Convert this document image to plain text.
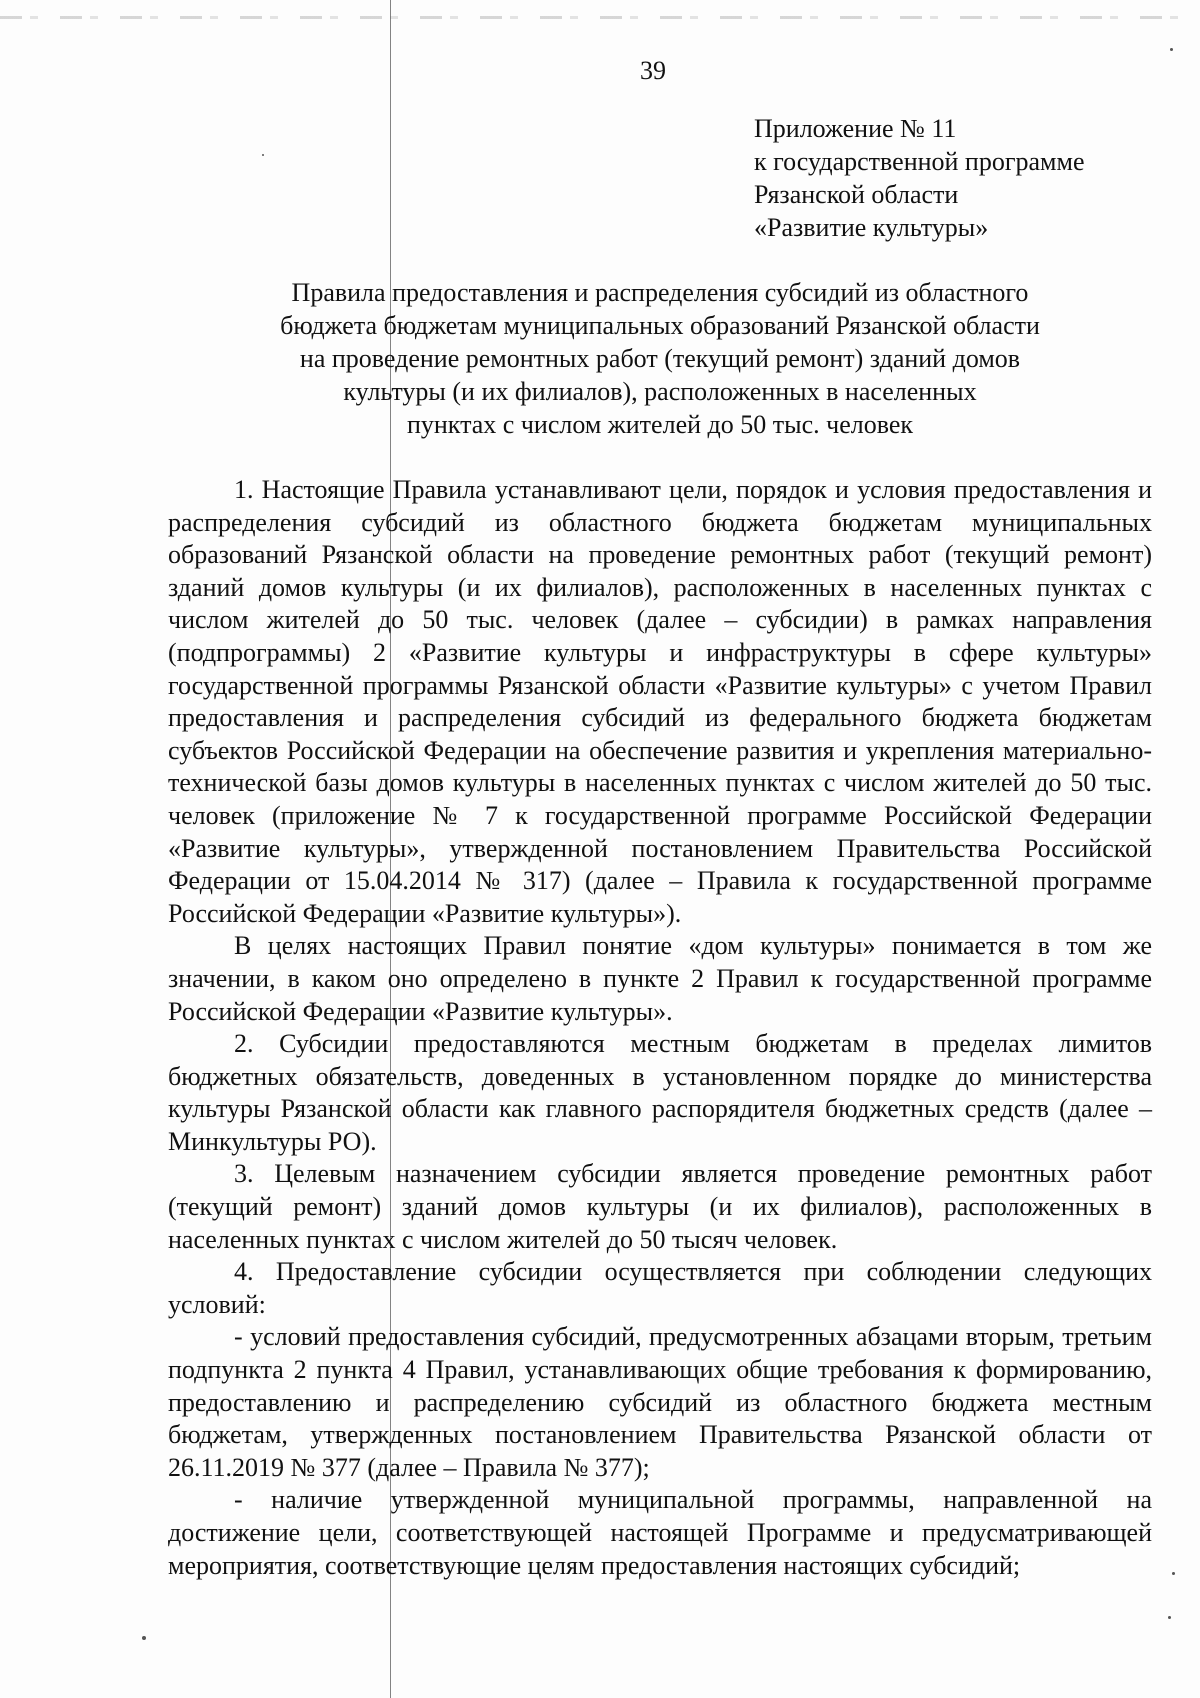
39
Приложение № 11
к государственной программе
Рязанской области
«Развитие культуры»
Правила предоставления и распределения субсидий из областного
бюджета бюджетам муниципальных образований Рязанской области
на проведение ремонтных работ (текущий ремонт) зданий домов
культуры (и их филиалов), расположенных в населенных
пунктах с числом жителей до 50 тыс. человек

1. Настоящие Правила устанавливают цели, порядок и условия предоставления и распределения субсидий из областного бюджета бюджетам муниципальных образований Рязанской области на проведение ремонтных работ (текущий ремонт) зданий домов культуры (и их филиалов), расположенных в населенных пунктах с числом жителей до 50 тыс. человек (далее – субсидии) в рамках направления (подпрограммы) 2 «Развитие культуры и инфраструктуры в сфере культуры» государственной программы Рязанской области «Развитие культуры» с учетом Правил предоставления и распределения субсидий из федерального бюджета бюджетам субъектов Российской Федерации на обеспечение развития и укрепления материально-технической базы домов культуры в населенных пунктах с числом жителей до 50 тыс. человек (приложение № 7 к государственной программе Российской Федерации «Развитие культуры», утвержденной постановлением Правительства Российской Федерации от 15.04.2014 № 317) (далее – Правила к государственной программе Российской Федерации «Развитие культуры»).

В целях настоящих Правил понятие «дом культуры» понимается в том же значении, в каком оно определено в пункте 2 Правил к государственной программе Российской Федерации «Развитие культуры».

2. Субсидии предоставляются местным бюджетам в пределах лимитов бюджетных обязательств, доведенных в установленном порядке до министерства культуры Рязанской области как главного распорядителя бюджетных средств (далее – Минкультуры РО).

3. Целевым назначением субсидии является проведение ремонтных работ (текущий ремонт) зданий домов культуры (и их филиалов), расположенных в населенных пунктах с числом жителей до 50 тысяч человек.

4. Предоставление субсидии осуществляется при соблюдении следующих условий:

- условий предоставления субсидий, предусмотренных абзацами вторым, третьим подпункта 2 пункта 4 Правил, устанавливающих общие требования к формированию, предоставлению и распределению субсидий из областного бюджета местным бюджетам, утвержденных постановлением Правительства Рязанской области от 26.11.2019 № 377 (далее – Правила № 377);

- наличие утвержденной муниципальной программы, направленной на достижение цели, соответствующей настоящей Программе и предусматривающей мероприятия, соответствующие целям предоставления настоящих субсидий;
